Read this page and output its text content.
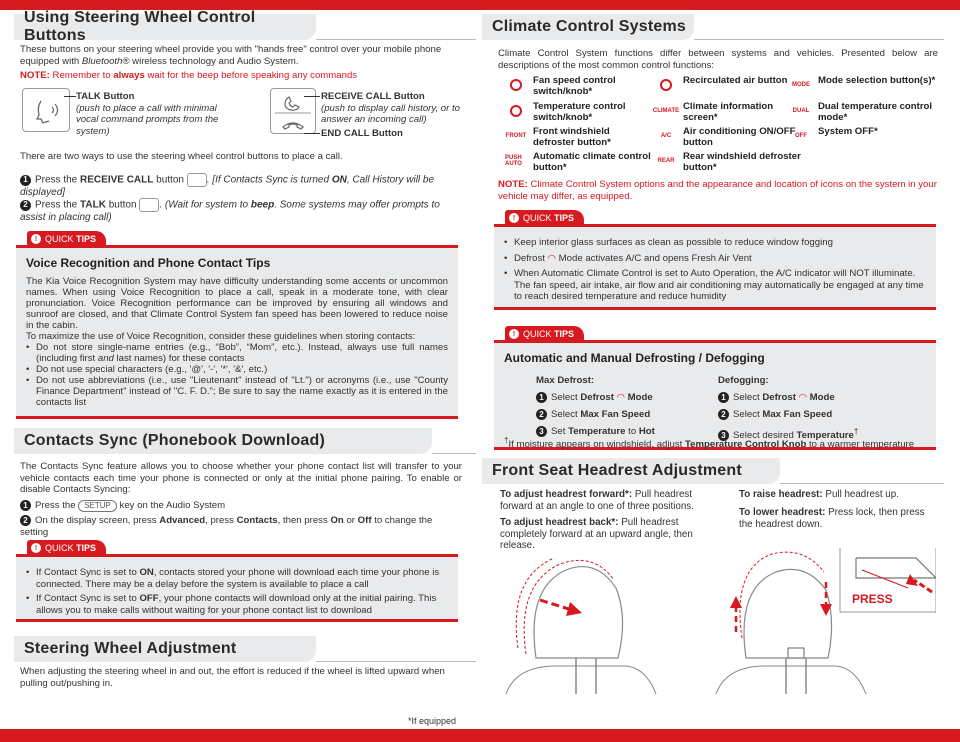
Using Steering Wheel Control Buttons
These buttons on your steering wheel provide you with "hands free" control over your mobile phone equipped with Bluetooth® wireless technology and Audio System.
NOTE: Remember to always wait for the beep before speaking any commands
TALK Button
(push to place a call with minimal vocal command prompts from the system)
RECEIVE CALL Button
(push to display call history, or to answer an incoming call)
END CALL Button
There are two ways to use the steering wheel control buttons to place a call.
1 Press the RECEIVE CALL button . [If Contacts Sync is turned ON, Call History will be displayed]
2 Press the TALK button . (Wait for system to beep. Some systems may offer prompts to assist in placing call)
! QUICK
TIPS
Voice Recognition and Phone Contact Tips
The Kia Voice Recognition System may have difficulty understanding some accents or uncommon names. When using Voice Recognition to place a call, speak in a moderate tone, with clear pronunciation. Voice Recognition performance can be improved by ensuring all windows and sunroof are closed, and that Climate Control System fan speed has been lowered to reduce noise in the cabin.
To maximize the use of Voice Recognition, consider these guidelines when storing contacts:
• Do not store single-name entries (e.g., “Bob”, “Mom”, etc.). Instead, always use full names (including first and last names) for these contacts
• Do not use special characters (e.g., '@', '-', '*', '&', etc.)
• Do not use abbreviations (i.e., use "Lieutenant" instead of "Lt.") or acronyms (i.e., use "County Finance Department" instead of "C. F. D."; Be sure to say the name exactly as it is entered in the contacts list
Contacts Sync (Phonebook Download)
The Contacts Sync feature allows you to choose whether your phone contact list will transfer to your vehicle contacts each time your phone is connected or only at the initial phone pairing. To enable or disable Contacts Syncing:
1 Press the SETUP key on the Audio System
2 On the display screen, press Advanced, press Contacts, then press On or Off to change the setting
! QUICK
TIPS
• If Contact Sync is set to ON, contacts stored your phone will download each time your phone is connected. There may be a delay before the system is available to place a call
• If Contact Sync is set to OFF, your phone contacts will download only at the initial pairing. This allows you to make calls without waiting for your phone contact list to download
Steering Wheel Adjustment
When adjusting the steering wheel in and out, the effort is reduced if the wheel is lifted upward when pulling out/pushing in.
*If equipped
Climate Control Systems
Climate Control System functions differ between systems and vehicles. Presented below are descriptions of the most common control functions:
Fan speed control switch/knob*
Recirculated air button MODE Mode selection button(s)*
Temperature control switch/knob*
CLIMATE Climate information screen*
DUAL Dual temperature control mode*
FRONT Front windshield defroster button*
A/C	Air conditioning ON/OFF button
OFF	System OFF*
PUSH AUTO
Automatic climate control button*
REAR Rear windshield defroster button*
NOTE: Climate Control System options and the appearance and location of icons on the system in your vehicle may differ, as equipped.
! QUICK
TIPS
• Keep interior glass surfaces as clean as possible to reduce window fogging
• Defrost ◠ Mode activates A/C and opens Fresh Air Vent
• When Automatic Climate Control is set to Auto Operation, the A/C indicator will NOT illuminate. The fan speed, air intake, air flow and air conditioning may automatically be engaged at any time to reach desired temperature and reduce humidity
! QUICK
TIPS
Automatic and Manual Defrosting / Defogging
Max Defrost:
1 Select Defrost ◠ Mode
2 Select Max Fan Speed
3 Set Temperature to Hot
Defogging:
1 Select Defrost ◠ Mode
2 Select Max Fan Speed
3 Select desired Temperature†
†If moisture appears on windshield, adjust Temperature Control Knob to a warmer temperature
Front Seat Headrest Adjustment
To adjust headrest forward*: Pull headrest forward at an angle to one of three positions.
To adjust headrest back*: Pull headrest completely forward at an upward angle, then release.
To raise headrest: Pull headrest up.
To lower headrest: Press lock, then press the headrest down.
PRESS
